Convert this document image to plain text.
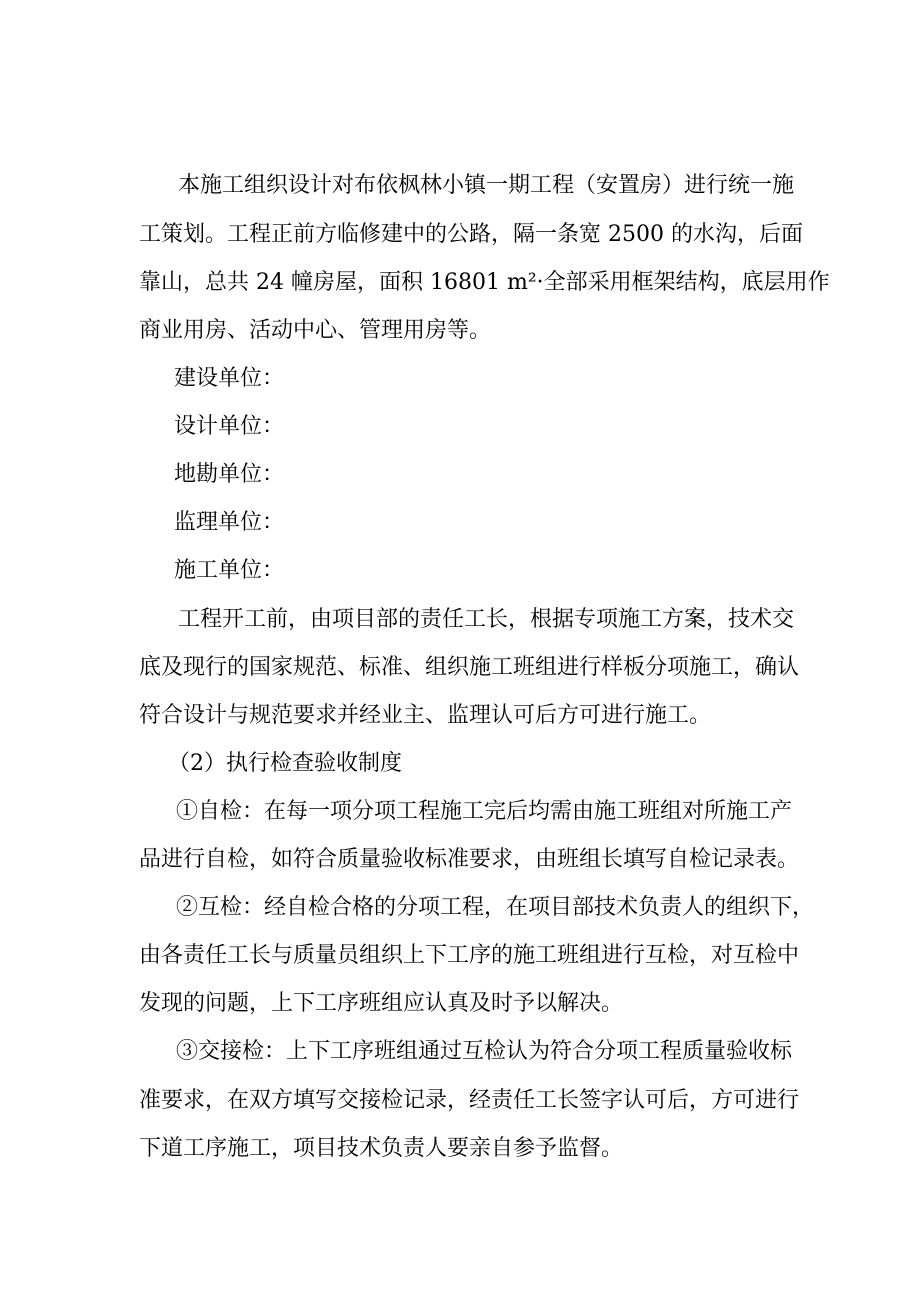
本施工组织设计对布依枫林小镇一期工程（安置房）进行统一施
工策划。工程正前方临修建中的公路，隔一条宽 2500 的水沟，后面
靠山，总共 24 幢房屋，面积 16801 m²·全部采用框架结构，底层用作
商业用房、活动中心、管理用房等。
建设单位：
设计单位：
地勘单位：
监理单位：
施工单位：
工程开工前，由项目部的责任工长，根据专项施工方案，技术交
底及现行的国家规范、标准、组织施工班组进行样板分项施工，确认
符合设计与规范要求并经业主、监理认可后方可进行施工。
（2）执行检查验收制度
①自检：在每一项分项工程施工完后均需由施工班组对所施工产
品进行自检，如符合质量验收标准要求，由班组长填写自检记录表。
②互检：经自检合格的分项工程，在项目部技术负责人的组织下，
由各责任工长与质量员组织上下工序的施工班组进行互检，对互检中
发现的问题，上下工序班组应认真及时予以解决。
③交接检：上下工序班组通过互检认为符合分项工程质量验收标
准要求，在双方填写交接检记录，经责任工长签字认可后，方可进行
下道工序施工，项目技术负责人要亲自参予监督。
